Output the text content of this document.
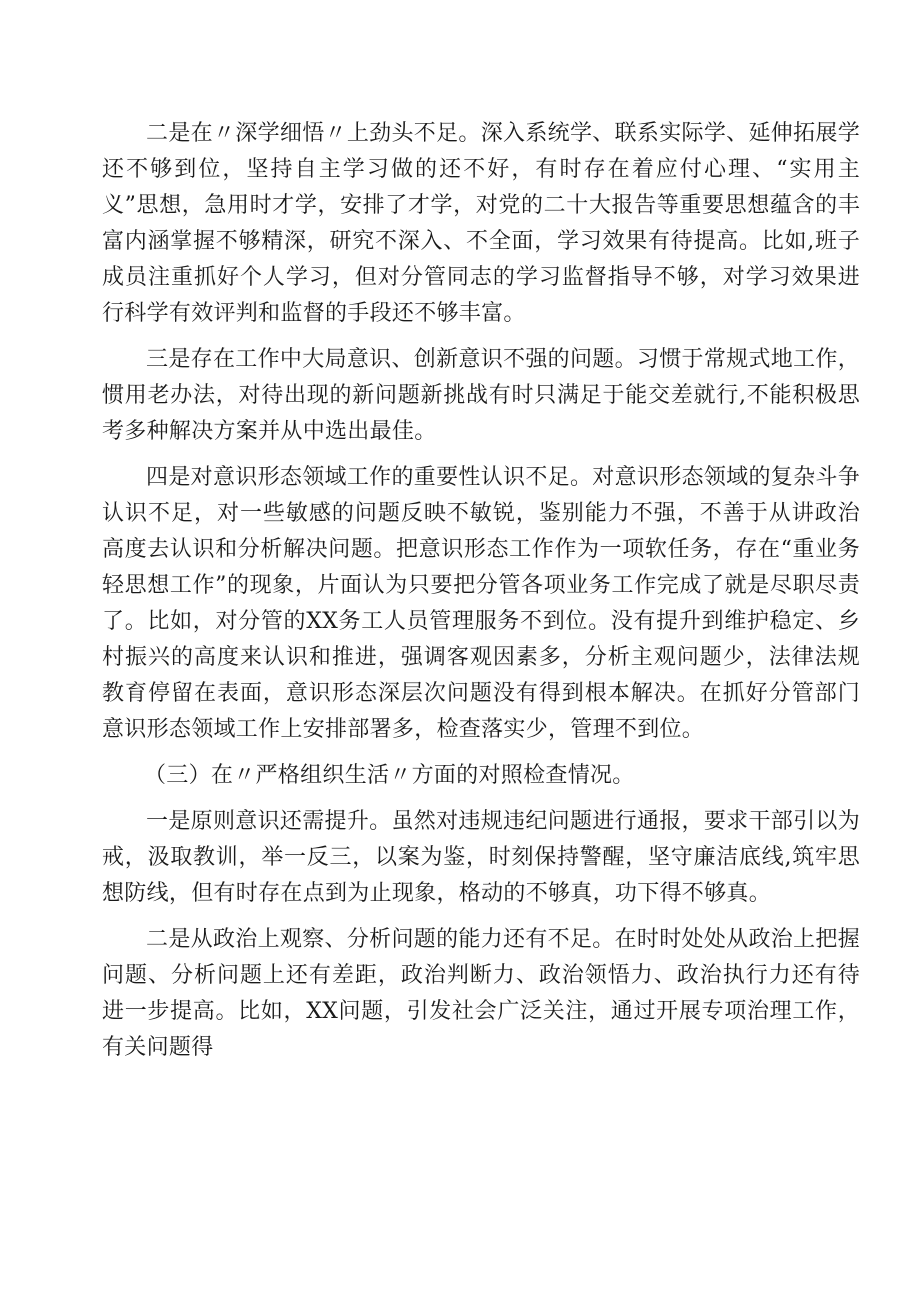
二是在〃深学细悟〃上劲头不足。深入系统学、联系实际学、延伸拓展学还不够到位，坚持自主学习做的还不好，有时存在着应付心理、“实用主义”思想，急用时才学，安排了才学，对党的二十大报告等重要思想蕴含的丰富内涵掌握不够精深，研究不深入、不全面，学习效果有待提高。比如,班子成员注重抓好个人学习，但对分管同志的学习监督指导不够，对学习效果进行科学有效评判和监督的手段还不够丰富。

三是存在工作中大局意识、创新意识不强的问题。习惯于常规式地工作，惯用老办法，对待出现的新问题新挑战有时只满足于能交差就行,不能积极思考多种解决方案并从中选出最佳。

四是对意识形态领域工作的重要性认识不足。对意识形态领域的复杂斗争认识不足，对一些敏感的问题反映不敏锐，鉴别能力不强，不善于从讲政治高度去认识和分析解决问题。把意识形态工作作为一项软任务，存在“重业务轻思想工作”的现象，片面认为只要把分管各项业务工作完成了就是尽职尽责了。比如，对分管的XX务工人员管理服务不到位。没有提升到维护稳定、乡村振兴的高度来认识和推进，强调客观因素多，分析主观问题少，法律法规教育停留在表面，意识形态深层次问题没有得到根本解决。在抓好分管部门意识形态领域工作上安排部署多，检查落实少，管理不到位。

（三）在〃严格组织生活〃方面的对照检查情况。

一是原则意识还需提升。虽然对违规违纪问题进行通报，要求干部引以为戒，汲取教训，举一反三，以案为鉴，时刻保持警醒，坚守廉洁底线,筑牢思想防线，但有时存在点到为止现象，格动的不够真，功下得不够真。

二是从政治上观察、分析问题的能力还有不足。在时时处处从政治上把握问题、分析问题上还有差距，政治判断力、政治领悟力、政治执行力还有待进一步提高。比如，XX问题，引发社会广泛关注，通过开展专项治理工作，有关问题得
